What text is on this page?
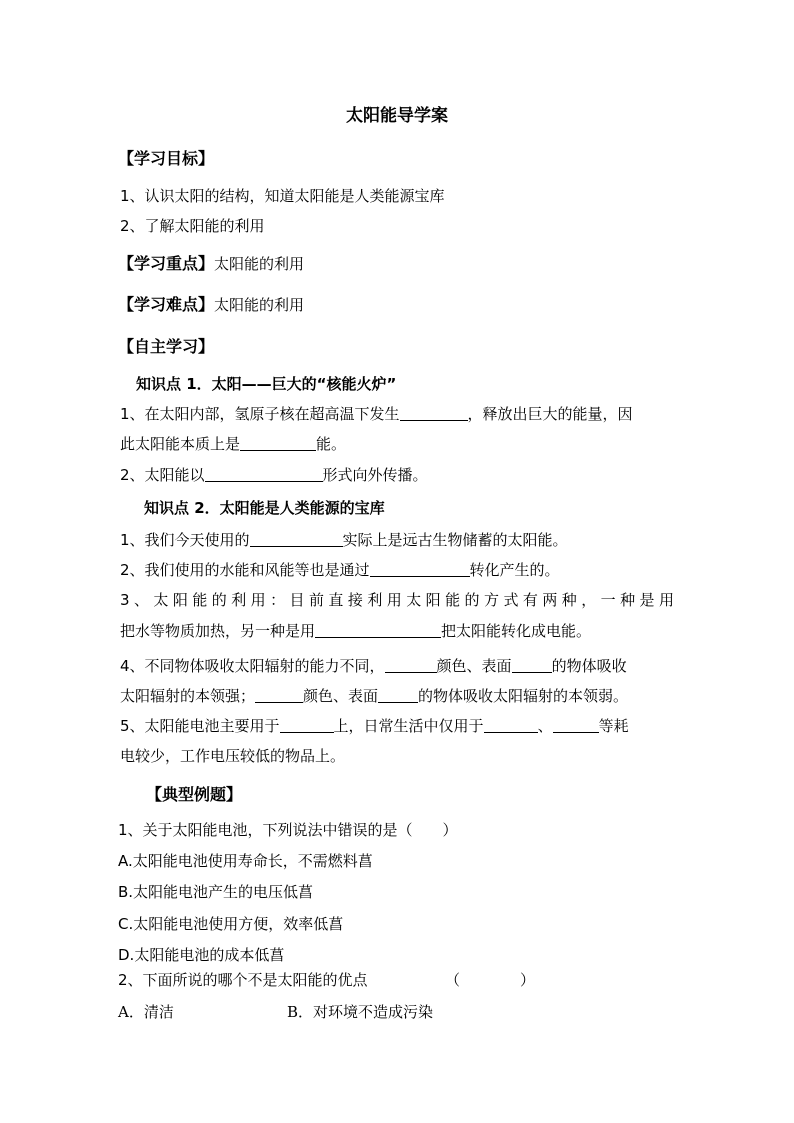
太阳能导学案
【学习目标】
1、认识太阳的结构，知道太阳能是人类能源宝库
2、了解太阳能的利用
【学习重点】太阳能的利用
【学习难点】太阳能的利用
【自主学习】
知识点 1．太阳——巨大的“核能火炉”
1、在太阳内部，氢原子核在超高温下发生	，释放出巨大的能量，因
此太阳能本质上是	能。
2、太阳能以	形式向外传播。
知识点 2．太阳能是人类能源的宝库
1、我们今天使用的	实际上是远古生物储蓄的太阳能。
2、我们使用的水能和风能等也是通过	转化产生的。
3、太阳能的利用：目前直接利用太阳能的方式有两种，一种是用
把水等物质加热，另一种是用	把太阳能转化成电能。
4、不同物体吸收太阳辐射的能力不同，	颜色、表面	的物体吸收
太阳辐射的本领强；	颜色、表面	的物体吸收太阳辐射的本领弱。
5、太阳能电池主要用于	上，日常生活中仅用于	、	等耗
电较少，工作电压较低的物品上。
【典型例题】
1、关于太阳能电池，下列说法中错误的是（　　）
A.太阳能电池使用寿命长，不需燃料菖
B.太阳能电池产生的电压低菖
C.太阳能电池使用方便，效率低菖
D.太阳能电池的成本低菖
2、下面所说的哪个不是太阳能的优点	（　　　　）
A．清洁	B．对环境不造成污染
